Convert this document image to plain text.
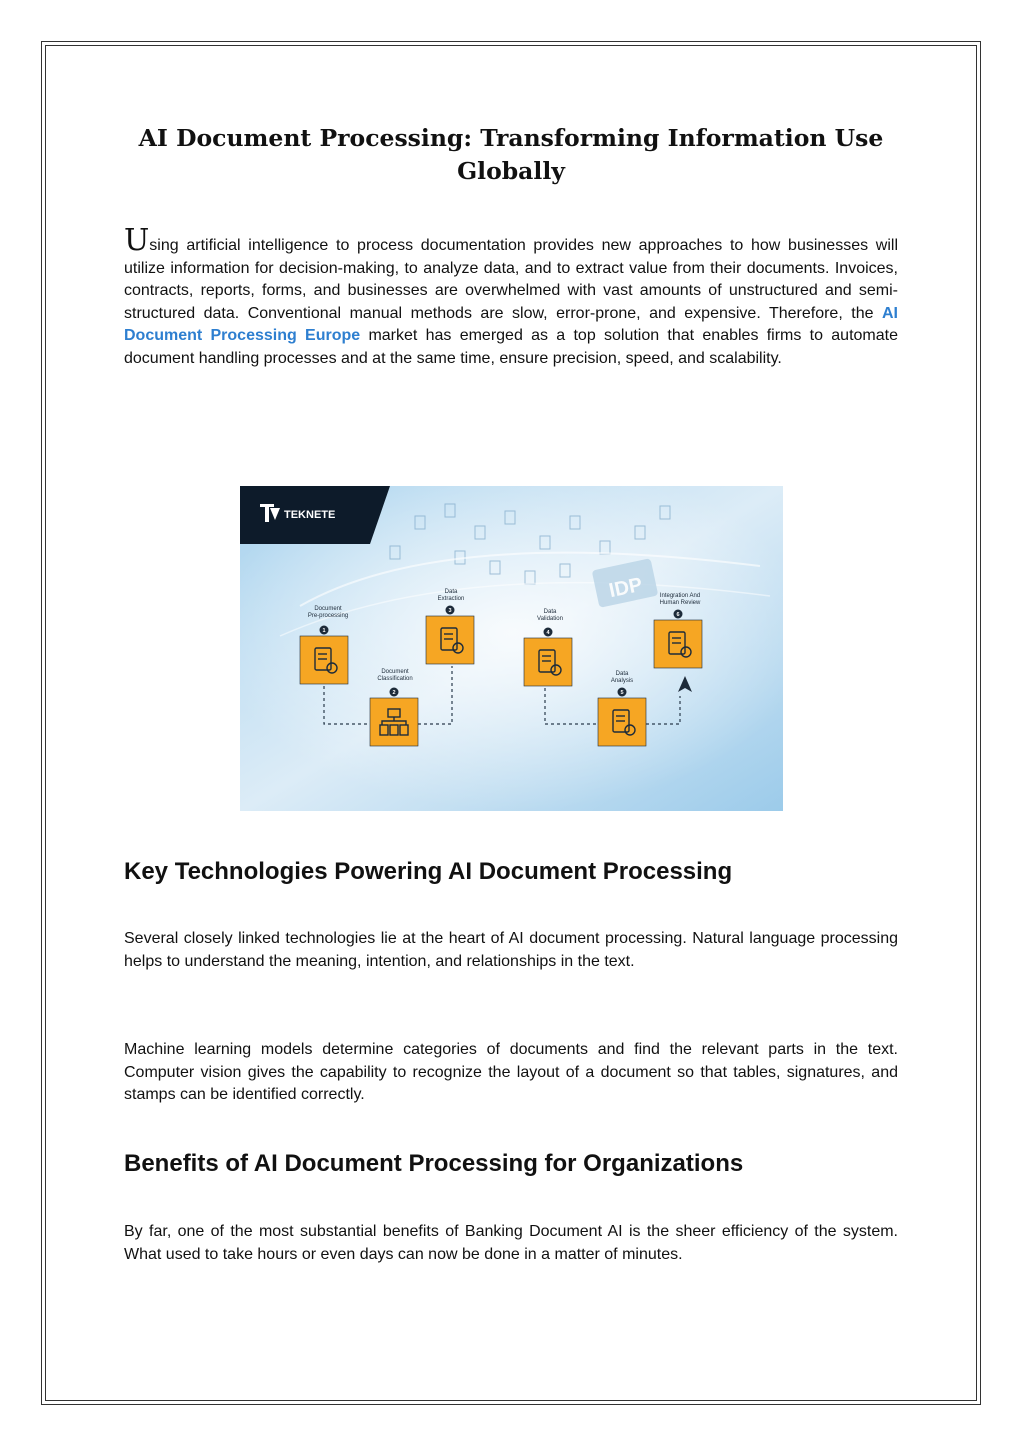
AI Document Processing: Transforming Information Use Globally

Using artificial intelligence to process documentation provides new approaches to how businesses will utilize information for decision-making, to analyze data, and to extract value from their documents. Invoices, contracts, reports, forms, and businesses are overwhelmed with vast amounts of unstructured and semi-structured data. Conventional manual methods are slow, error-prone, and expensive. Therefore, the AI Document Processing Europe market has emerged as a top solution that enables firms to automate document handling processes and at the same time, ensure precision, speed, and scalability.

IDP
TEKNETE
Document
Pre-processing
1
Document
Classification
2
Data
Extraction
3	Data
Validation
4
Data
Analysis
5
Integration And
Human Review
6
Key Technologies Powering AI Document Processing

Several closely linked technologies lie at the heart of AI document processing. Natural language processing helps to understand the meaning, intention, and relationships in the text.

Machine learning models determine categories of documents and find the relevant parts in the text. Computer vision gives the capability to recognize the layout of a document so that tables, signatures, and stamps can be identified correctly.

Benefits of AI Document Processing for Organizations

By far, one of the most substantial benefits of Banking Document AI is the sheer efficiency of the system. What used to take hours or even days can now be done in a matter of minutes.
